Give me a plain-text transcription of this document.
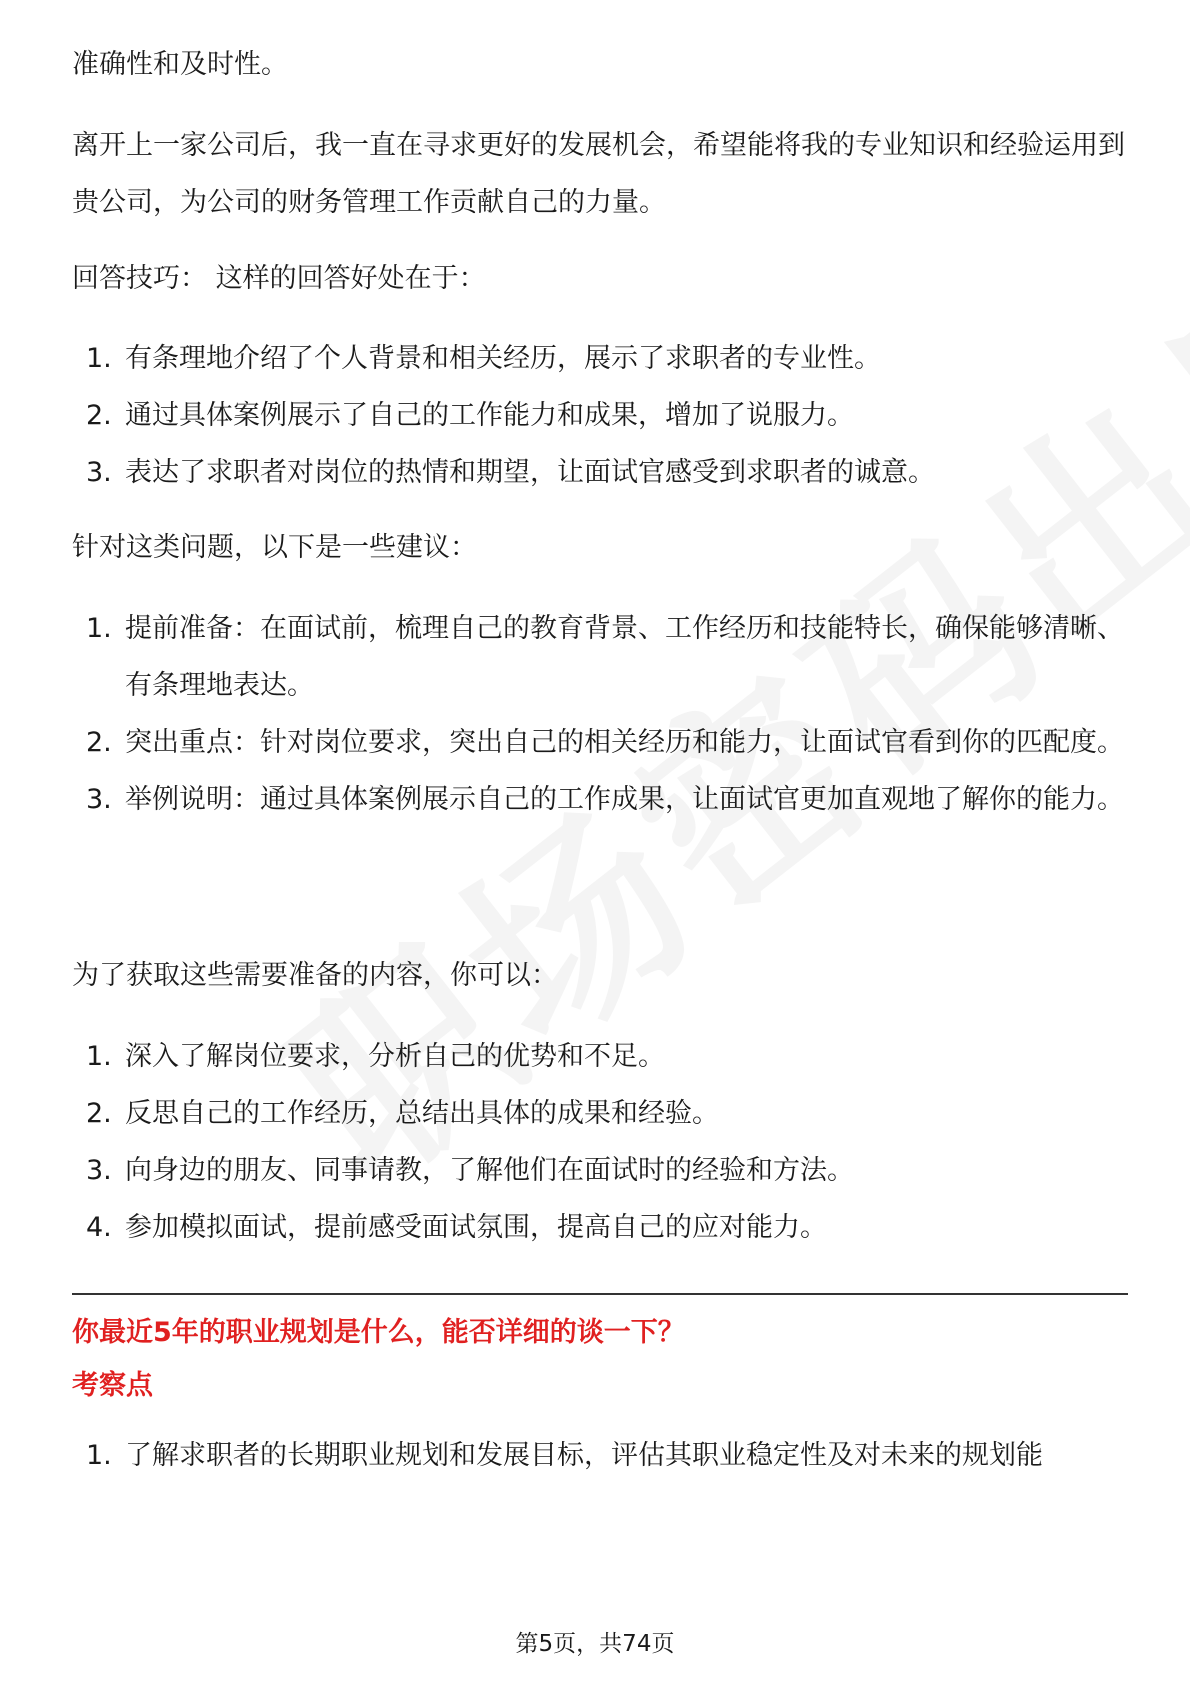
准确性和及时性。

离开上一家公司后，我一直在寻求更好的发展机会，希望能将我的专业知识和经验运用到贵公司，为公司的财务管理工作贡献自己的力量。

回答技巧： 这样的回答好处在于：

1. 有条理地介绍了个人背景和相关经历，展示了求职者的专业性。
2. 通过具体案例展示了自己的工作能力和成果，增加了说服力。
3. 表达了求职者对岗位的热情和期望，让面试官感受到求职者的诚意。

针对这类问题，以下是一些建议：

1. 提前准备：在面试前，梳理自己的教育背景、工作经历和技能特长，确保能够清晰、有条理地表达。
2. 突出重点：针对岗位要求，突出自己的相关经历和能力，让面试官看到你的匹配度。
3. 举例说明：通过具体案例展示自己的工作成果，让面试官更加直观地了解你的能力。

为了获取这些需要准备的内容，你可以：

1. 深入了解岗位要求，分析自己的优势和不足。
2. 反思自己的工作经历，总结出具体的成果和经验。
3. 向身边的朋友、同事请教，了解他们在面试时的经验和方法。
4. 参加模拟面试，提前感受面试氛围，提高自己的应对能力。

你最近5年的职业规划是什么，能否详细的谈一下？

考察点

1. 了解求职者的长期职业规划和发展目标，评估其职业稳定性及对未来的规划能
第5页，共74页
